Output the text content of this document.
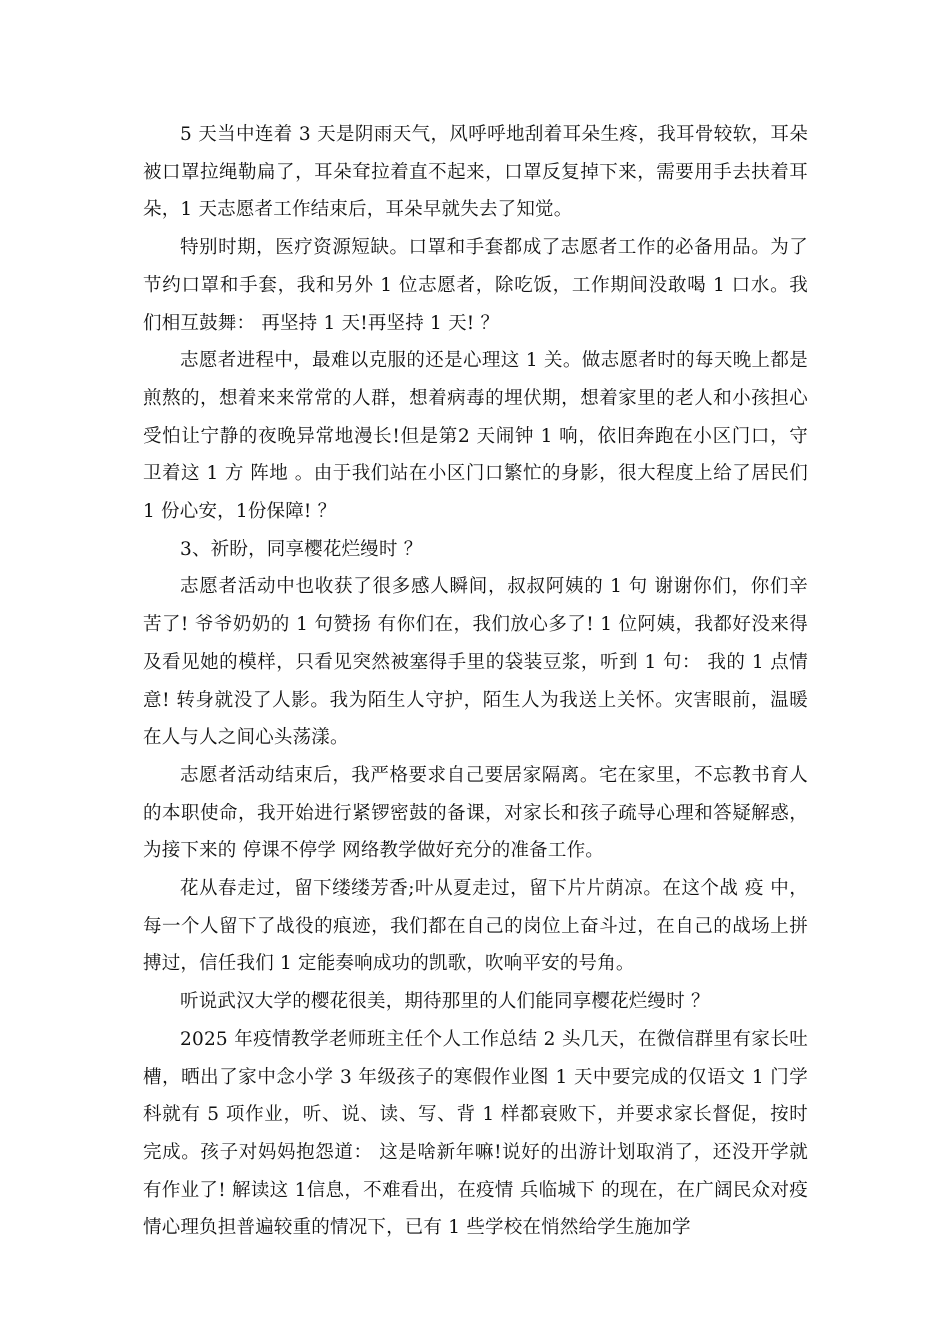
5 天当中连着 3 天是阴雨天气，风呼呼地刮着耳朵生疼，我耳骨较软，耳朵被口罩拉绳勒扁了，耳朵耷拉着直不起来，口罩反复掉下来，需要用手去扶着耳朵，1 天志愿者工作结束后，耳朵早就失去了知觉。

特别时期，医疗资源短缺。口罩和手套都成了志愿者工作的必备用品。为了节约口罩和手套，我和另外 1 位志愿者，除吃饭，工作期间没敢喝 1 口水。我们相互鼓舞： 再坚持 1 天!再坚持 1 天! ？

志愿者进程中，最难以克服的还是心理这 1 关。做志愿者时的每天晚上都是煎熬的，想着来来常常的人群，想着病毒的埋伏期，想着家里的老人和小孩担心受怕让宁静的夜晚异常地漫长!但是第2 天闹钟 1 响，依旧奔跑在小区门口，守卫着这 1 方 阵地 。由于我们站在小区门口繁忙的身影，很大程度上给了居民们 1 份心安，1份保障! ？

3、祈盼，同享樱花烂缦时 ？

志愿者活动中也收获了很多感人瞬间，叔叔阿姨的 1 句 谢谢你们，你们辛苦了! 爷爷奶奶的 1 句赞扬 有你们在，我们放心多了! 1 位阿姨，我都好没来得及看见她的模样，只看见突然被塞得手里的袋装豆浆，听到 1 句： 我的 1 点情意! 转身就没了人影。我为陌生人守护，陌生人为我送上关怀。灾害眼前，温暖在人与人之间心头荡漾。

志愿者活动结束后，我严格要求自己要居家隔离。宅在家里，不忘教书育人的本职使命，我开始进行紧锣密鼓的备课，对家长和孩子疏导心理和答疑解惑，为接下来的 停课不停学 网络教学做好充分的准备工作。

花从春走过，留下缕缕芳香;叶从夏走过，留下片片荫凉。在这个战 疫 中，每一个人留下了战役的痕迹，我们都在自己的岗位上奋斗过，在自己的战场上拼搏过，信任我们 1 定能奏响成功的凯歌，吹响平安的号角。

听说武汉大学的樱花很美，期待那里的人们能同享樱花烂缦时 ？

2025 年疫情教学老师班主任个人工作总结 2 头几天，在微信群里有家长吐槽，晒出了家中念小学 3 年级孩子的寒假作业图 1 天中要完成的仅语文 1 门学科就有 5 项作业，听、说、读、写、背 1 样都衰败下，并要求家长督促，按时完成。孩子对妈妈抱怨道： 这是啥新年嘛!说好的出游计划取消了，还没开学就有作业了! 解读这 1信息，不难看出，在疫情 兵临城下 的现在，在广阔民众对疫情心理负担普遍较重的情况下，已有 1 些学校在悄然给学生施加学
